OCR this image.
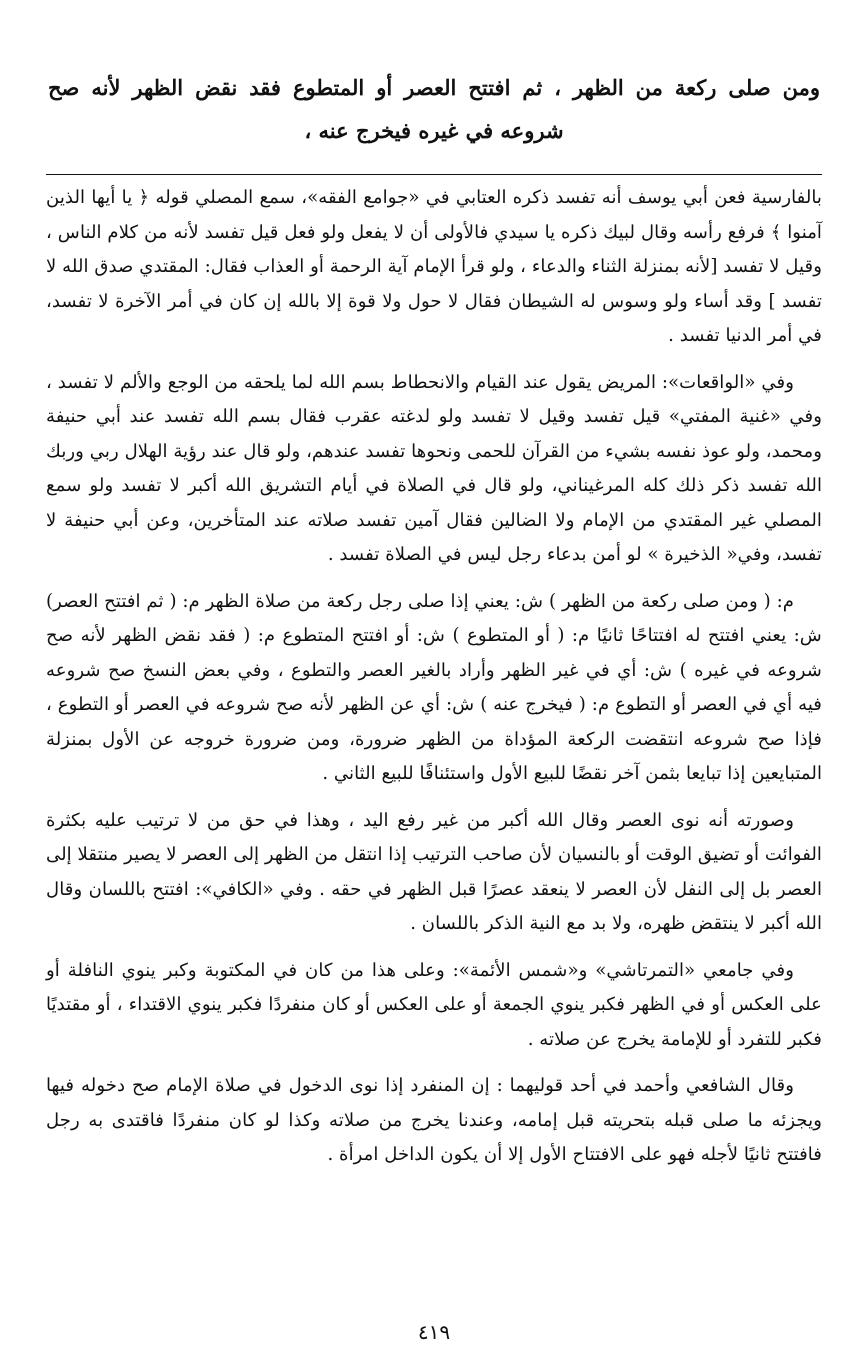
ومن صلى ركعة من الظهر ، ثم افتتح العصر أو المتطوع فقد نقض الظهر لأنه صح شروعه في غيره فيخرج عنه ،

بالفارسية فعن أبي يوسف أنه تفسد ذكره العتابي في «جوامع الفقه»، سمع المصلي قوله ﴿ يا أيها الذين آمنوا ﴾ فرفع رأسه وقال لبيك ذكره يا سيدي فالأولى أن لا يفعل ولو فعل قيل تفسد لأنه من كلام الناس ، وقيل لا تفسد [لأنه بمنزلة الثناء والدعاء ، ولو قرأ الإمام آية الرحمة أو العذاب فقال: المقتدي صدق الله لا تفسد ] وقد أساء ولو وسوس له الشيطان فقال لا حول ولا قوة إلا بالله إن كان في أمر الآخرة لا تفسد، في أمر الدنيا تفسد .

وفي «الواقعات»: المريض يقول عند القيام والانحطاط بسم الله لما يلحقه من الوجع والألم لا تفسد ، وفي «غنية المفتي» قيل تفسد وقيل لا تفسد ولو لدغته عقرب فقال بسم الله تفسد عند أبي حنيفة ومحمد، ولو عوذ نفسه بشيء من القرآن للحمى ونحوها تفسد عندهم، ولو قال عند رؤية الهلال ربي وربك الله تفسد ذكر ذلك كله المرغيناني، ولو قال في الصلاة في أيام التشريق الله أكبر لا تفسد ولو سمع المصلي غير المقتدي من الإمام ولا الضالين فقال آمين تفسد صلاته عند المتأخرين، وعن أبي حنيفة لا تفسد، وفي« الذخيرة » لو أمن بدعاء رجل ليس في الصلاة تفسد .

م: ( ومن صلى ركعة من الظهر ) ش: يعني إذا صلى رجل ركعة من صلاة الظهر م: ( ثم افتتح العصر) ش: يعني افتتح له افتتاحًا ثانيًا م: ( أو المتطوع ) ش: أو افتتح المتطوع م: ( فقد نقض الظهر لأنه صح شروعه في غيره ) ش: أي في غير الظهر وأراد بالغير العصر والتطوع ، وفي بعض النسخ صح شروعه فيه أي في العصر أو التطوع م: ( فيخرج عنه ) ش: أي عن الظهر لأنه صح شروعه في العصر أو التطوع ، فإذا صح شروعه انتقضت الركعة المؤداة من الظهر ضرورة، ومن ضرورة خروجه عن الأول بمنزلة المتبايعين إذا تبايعا بثمن آخر نقضًا للبيع الأول واستئنافًا للبيع الثاني .

وصورته أنه نوى العصر وقال الله أكبر من غير رفع اليد ، وهذا في حق من لا ترتيب عليه بكثرة الفوائت أو تضيق الوقت أو بالنسيان لأن صاحب الترتيب إذا انتقل من الظهر إلى العصر لا يصير منتقلا إلى العصر بل إلى النفل لأن العصر لا ينعقد عصرًا قبل الظهر في حقه . وفي «الكافي»: افتتح باللسان وقال الله أكبر لا ينتقض ظهره، ولا بد مع النية الذكر باللسان .

وفي جامعي «التمرتاشي» و«شمس الأئمة»: وعلى هذا من كان في المكتوبة وكبر ينوي النافلة أو على العكس أو في الظهر فكبر ينوي الجمعة أو على العكس أو كان منفردًا فكبر ينوي الاقتداء ، أو مقتديًا فكبر للتفرد أو للإمامة يخرج عن صلاته .

وقال الشافعي وأحمد في أحد قوليهما : إن المنفرد إذا نوى الدخول في صلاة الإمام صح دخوله فيها ويجزئه ما صلى قبله بتحريته قبل إمامه، وعندنا يخرج من صلاته وكذا لو كان منفردًا فاقتدى به رجل فافتتح ثانيًا لأجله فهو على الافتتاح الأول إلا أن يكون الداخل امرأة .

٤١٩
